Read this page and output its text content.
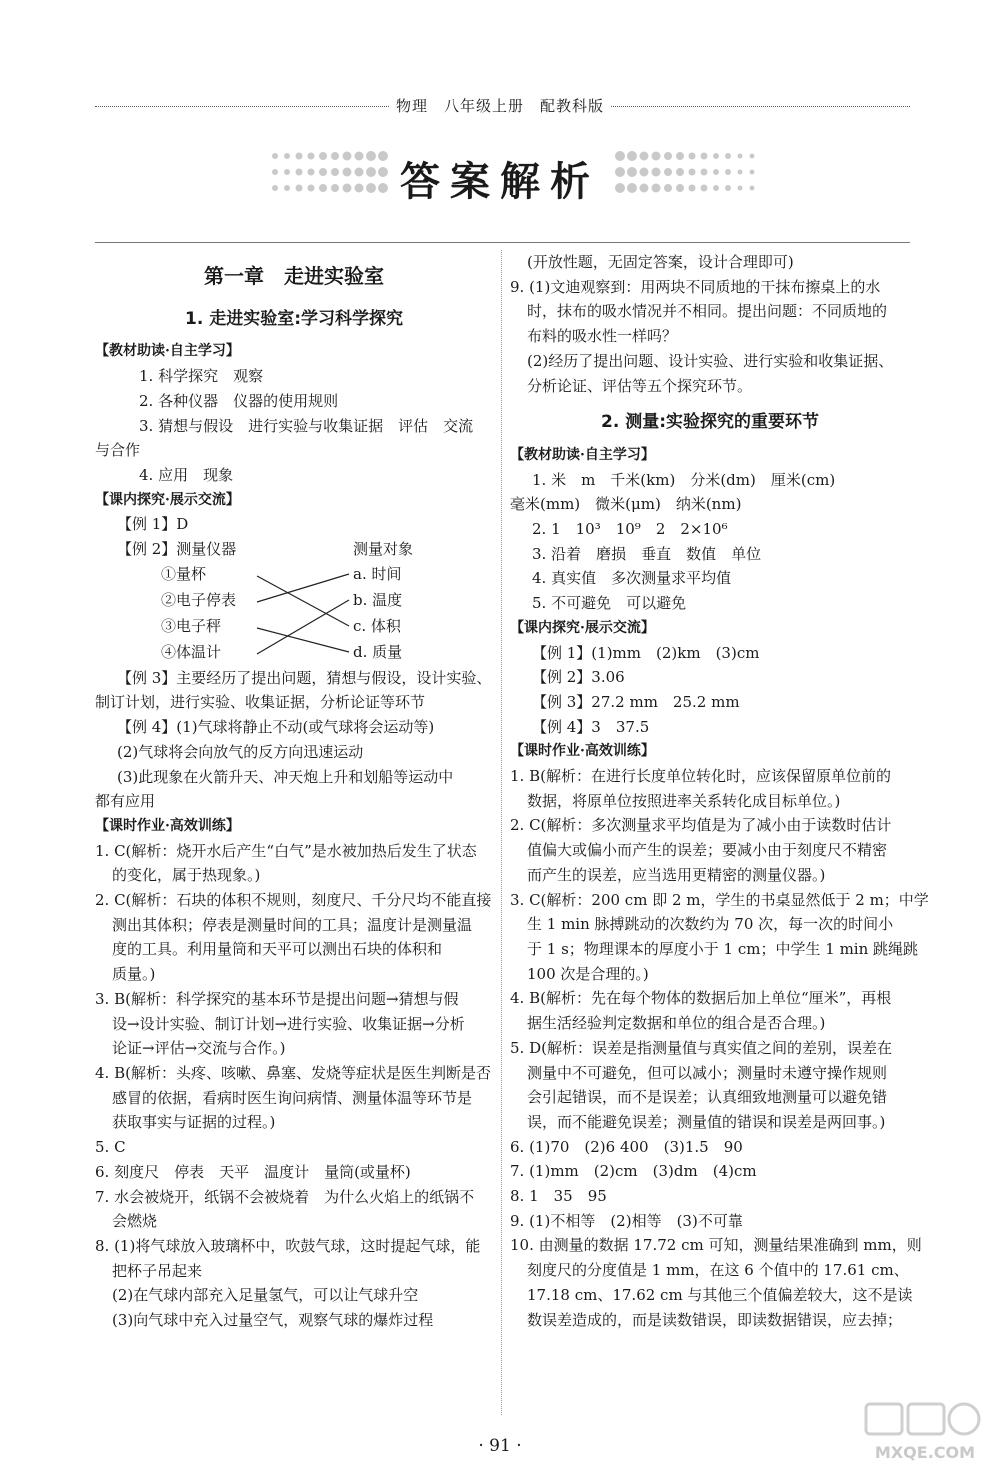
物理　八年级上册　配教科版
答案解析
第一章　走进实验室
1. 走进实验室:学习科学探究
【教材助读·自主学习】
1. 科学探究　观察
2. 各种仪器　仪器的使用规则
3. 猜想与假设　进行实验与收集证据　评估　交流
与合作
4. 应用　现象
【课内探究·展示交流】
【例 1】D
【例 2】测量仪器	测量对象
①量杯
②电子停表
③电子秤
④体温计
a. 时间
b. 温度
c. 体积
d. 质量
【例 3】主要经历了提出问题，猜想与假设，设计实验、
制订计划，进行实验、收集证据，分析论证等环节
【例 4】(1)气球将静止不动(或气球将会运动等)
(2)气球将会向放气的反方向迅速运动
(3)此现象在火箭升天、冲天炮上升和划船等运动中
都有应用
【课时作业·高效训练】
1. C(解析：烧开水后产生“白气”是水被加热后发生了状态
的变化，属于热现象。)
2. C(解析：石块的体积不规则，刻度尺、千分尺均不能直接
测出其体积；停表是测量时间的工具；温度计是测量温
度的工具。利用量筒和天平可以测出石块的体积和
质量。)
3. B(解析：科学探究的基本环节是提出问题→猜想与假
设→设计实验、制订计划→进行实验、收集证据→分析
论证→评估→交流与合作。)
4. B(解析：头疼、咳嗽、鼻塞、发烧等症状是医生判断是否
感冒的依据，看病时医生询问病情、测量体温等环节是
获取事实与证据的过程。)
5. C
6. 刻度尺　停表　天平　温度计　量筒(或量杯)
7. 水会被烧开，纸锅不会被烧着　为什么火焰上的纸锅不
会燃烧
8. (1)将气球放入玻璃杯中，吹鼓气球，这时提起气球，能
把杯子吊起来
(2)在气球内部充入足量氢气，可以让气球升空
(3)向气球中充入过量空气，观察气球的爆炸过程
(开放性题，无固定答案，设计合理即可)
9. (1)文迪观察到：用两块不同质地的干抹布擦桌上的水
时，抹布的吸水情况并不相同。提出问题：不同质地的
布料的吸水性一样吗？
(2)经历了提出问题、设计实验、进行实验和收集证据、
分析论证、评估等五个探究环节。
2. 测量:实验探究的重要环节
【教材助读·自主学习】
1. 米　m　千米(km)　分米(dm)　厘米(cm)
毫米(mm)　微米(μm)　纳米(nm)
2. 1　10³　10⁹　2　2×10⁶
3. 沿着　磨损　垂直　数值　单位
4. 真实值　多次测量求平均值
5. 不可避免　可以避免
【课内探究·展示交流】
【例 1】(1)mm　(2)km　(3)cm
【例 2】3.06
【例 3】27.2 mm　25.2 mm
【例 4】3　37.5
【课时作业·高效训练】
1. B(解析：在进行长度单位转化时，应该保留原单位前的
数据，将原单位按照进率关系转化成目标单位。)
2. C(解析：多次测量求平均值是为了减小由于读数时估计
值偏大或偏小而产生的误差；要减小由于刻度尺不精密
而产生的误差，应当选用更精密的测量仪器。)
3. C(解析：200 cm 即 2 m，学生的书桌显然低于 2 m；中学
生 1 min 脉搏跳动的次数约为 70 次，每一次的时间小
于 1 s；物理课本的厚度小于 1 cm；中学生 1 min 跳绳跳
100 次是合理的。)
4. B(解析：先在每个物体的数据后加上单位“厘米”，再根
据生活经验判定数据和单位的组合是否合理。)
5. D(解析：误差是指测量值与真实值之间的差别，误差在
测量中不可避免，但可以减小；测量时未遵守操作规则
会引起错误，而不是误差；认真细致地测量可以避免错
误，而不能避免误差；测量值的错误和误差是两回事。)
6. (1)70　(2)6 400　(3)1.5　90
7. (1)mm　(2)cm　(3)dm　(4)cm
8. 1　35　95
9. (1)不相等　(2)相等　(3)不可靠
10. 由测量的数据 17.72 cm 可知，测量结果准确到 mm，则
刻度尺的分度值是 1 mm，在这 6 个值中的 17.61 cm、
17.18 cm、17.62 cm 与其他三个值偏差较大，这不是读
数误差造成的，而是读数错误，即读数据错误，应去掉；
· 91 ·	MXQE.COM
